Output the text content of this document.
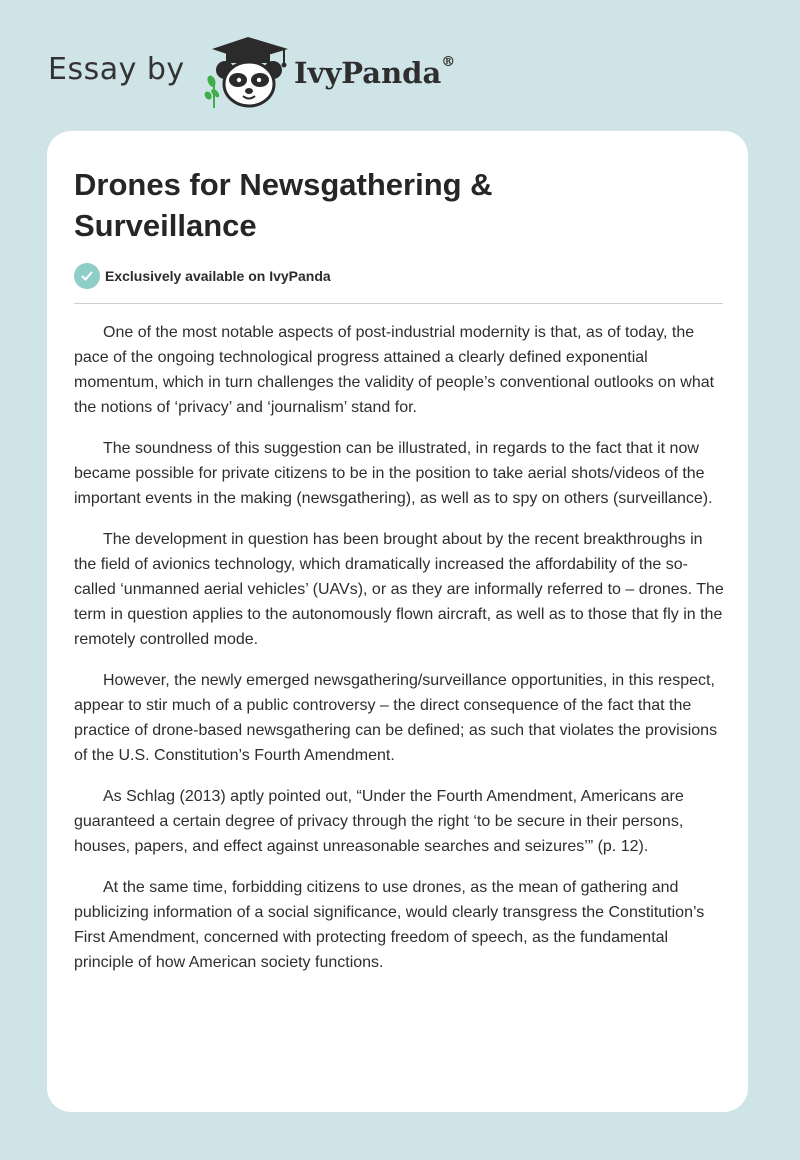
Essay by	IvyPanda®
Drones for Newsgathering &
Surveillance
Exclusively available on IvyPanda

One of the most notable aspects of post-industrial modernity is that, as of today, the pace of the ongoing technological progress attained a clearly defined exponential momentum, which in turn challenges the validity of people’s conventional outlooks on what the notions of ‘privacy’ and ‘journalism’ stand for.

The soundness of this suggestion can be illustrated, in regards to the fact that it now became possible for private citizens to be in the position to take aerial shots/videos of the important events in the making (newsgathering), as well as to spy on others (surveillance).

The development in question has been brought about by the recent breakthroughs in the field of avionics technology, which dramatically increased the affordability of the so-called ‘unmanned aerial vehicles’ (UAVs), or as they are informally referred to – drones. The term in question applies to the autonomously flown aircraft, as well as to those that fly in the remotely controlled mode.

However, the newly emerged newsgathering/surveillance opportunities, in this respect, appear to stir much of a public controversy – the direct consequence of the fact that the practice of drone-based newsgathering can be defined; as such that violates the provisions of the U.S. Constitution’s Fourth Amendment.

As Schlag (2013) aptly pointed out, “Under the Fourth Amendment, Americans are guaranteed a certain degree of privacy through the right ‘to be secure in their persons, houses, papers, and effect against unreasonable searches and seizures’” (p. 12).

At the same time, forbidding citizens to use drones, as the mean of gathering and publicizing information of a social significance, would clearly transgress the Constitution’s First Amendment, concerned with protecting freedom of speech, as the fundamental principle of how American society functions.
